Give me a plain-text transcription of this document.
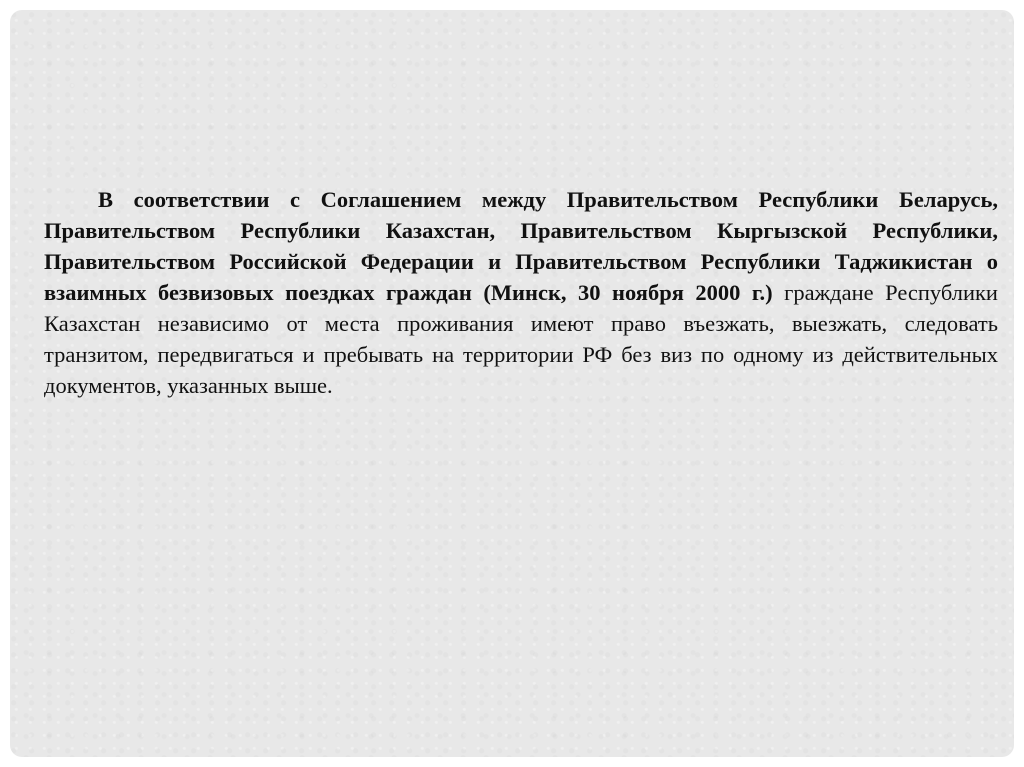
В соответствии с Соглашением между Правительством Республики Беларусь, Правительством Республики Казахстан, Правительством Кыргызской Республики, Правительством Российской Федерации и Правительством Республики Таджикистан о взаимных безвизовых поездках граждан (Минск, 30 ноября 2000 г.) граждане Республики Казахстан независимо от места проживания имеют право въезжать, выезжать, следовать транзитом, передвигаться и пребывать на территории РФ без виз по одному из действительных документов, указанных выше.
